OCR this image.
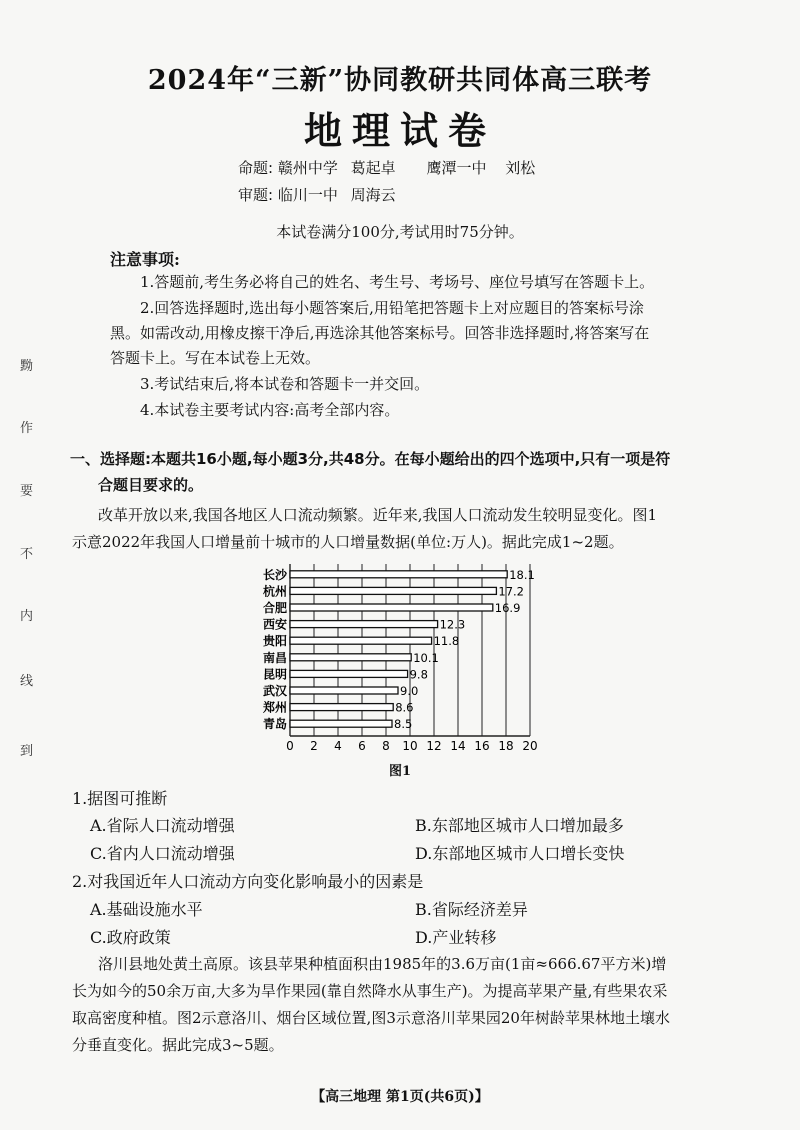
黝
作
要
不
内
线
到
2024年“三新”协同教研共同体高三联考
地理试卷
命题: 赣州中学 葛起卓 鹰潭一中 刘松
审题: 临川一中 周海云
本试卷满分100分,考试用时75分钟。
注意事项:
1.答题前,考生务必将自己的姓名、考生号、考场号、座位号填写在答题卡上。
2.回答选择题时,选出每小题答案后,用铅笔把答题卡上对应题目的答案标号涂
黑。如需改动,用橡皮擦干净后,再选涂其他答案标号。回答非选择题时,将答案写在
答题卡上。写在本试卷上无效。
3.考试结束后,将本试卷和答题卡一并交回。
4.本试卷主要考试内容:高考全部内容。
一、选择题:本题共16小题,每小题3分,共48分。在每小题给出的四个选项中,只有一项是符
合题目要求的。
改革开放以来,我国各地区人口流动频繁。近年来,我国人口流动发生较明显变化。图1
示意2022年我国人口增量前十城市的人口增量数据(单位:万人)。据此完成1~2题。
长沙
杭州
合肥
西安
贵阳
南昌
昆明
武汉
郑州
青岛
18.1
17.2
16.9
12.3
11.8
10.1
9.8
9.0
8.6
8.5
0 2 4 6 8 10 12 14 16 18 20
图1
1.据图可推断
A.省际人口流动增强	B.东部地区城市人口增加最多
C.省内人口流动增强	D.东部地区城市人口增长变快
2.对我国近年人口流动方向变化影响最小的因素是
A.基础设施水平	B.省际经济差异
C.政府政策	D.产业转移
洛川县地处黄土高原。该县苹果种植面积由1985年的3.6万亩(1亩≈666.67平方米)增
长为如今的50余万亩,大多为旱作果园(靠自然降水从事生产)。为提高苹果产量,有些果农采
取高密度种植。图2示意洛川、烟台区域位置,图3示意洛川苹果园20年树龄苹果林地土壤水
分垂直变化。据此完成3~5题。
【高三地理 第1页(共6页)】
